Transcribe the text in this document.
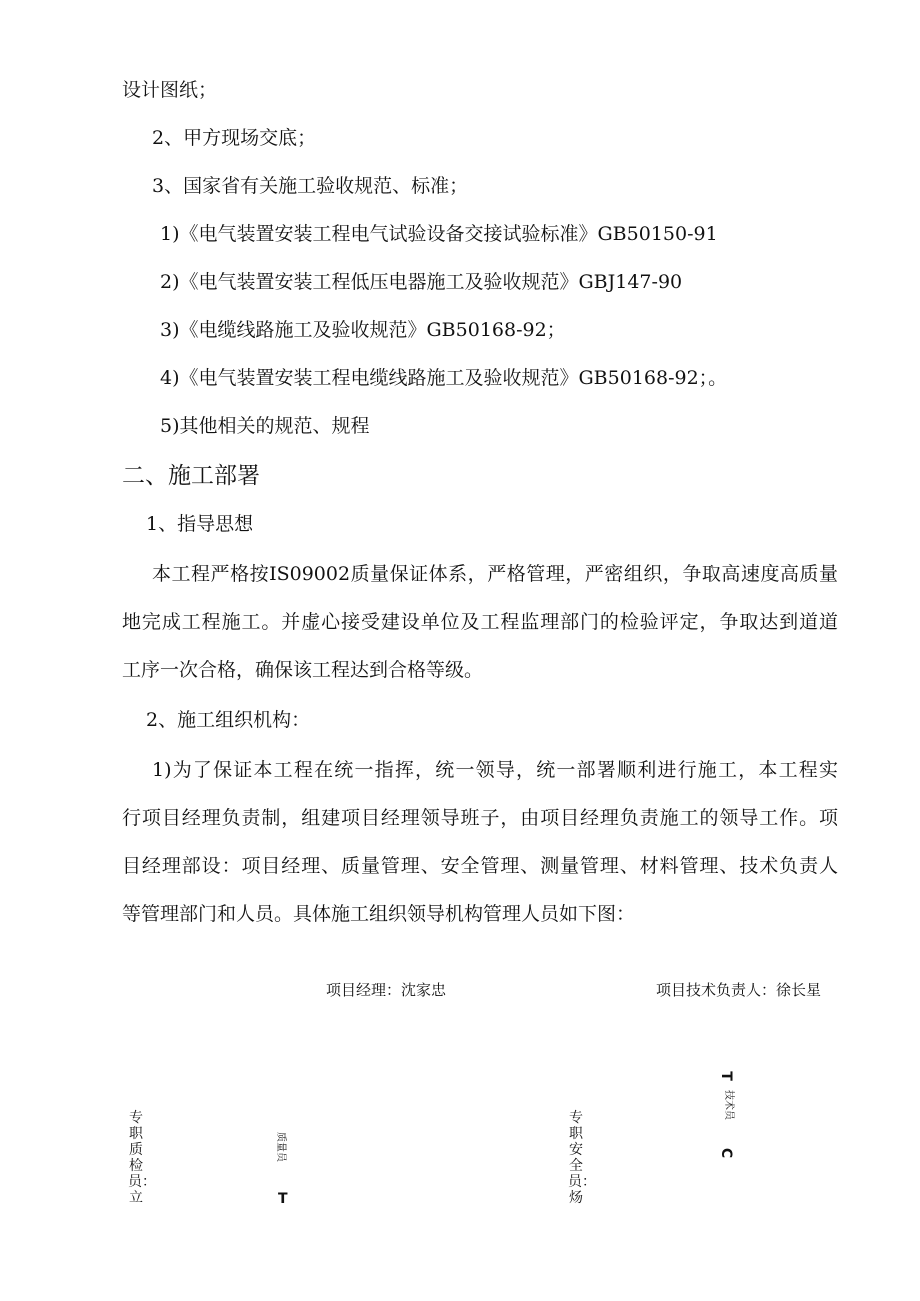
设计图纸；
2、甲方现场交底；
3、国家省有关施工验收规范、标准；
1)《电气装置安装工程电气试验设备交接试验标准》GB50150-91
2)《电气装置安装工程低压电器施工及验收规范》GBJ147-90
3)《电缆线路施工及验收规范》GB50168-92；
4)《电气装置安装工程电缆线路施工及验收规范》GB50168-92；。
5)其他相关的规范、规程
二、施工部署
1、指导思想
本工程严格按IS09002质量保证体系，严格管理，严密组织，争取高速度高质量
地完成工程施工。并虚心接受建设单位及工程监理部门的检验评定，争取达到道道
工序一次合格，确保该工程达到合格等级。
2、施工组织机构：
1)为了保证本工程在统一指挥，统一领导，统一部署顺利进行施工，本工程实
行项目经理负责制，组建项目经理领导班子，由项目经理负责施工的领导工作。项
目经理部设：项目经理、质量管理、安全管理、测量管理、材料管理、技术负责人
等管理部门和人员。具体施工组织领导机构管理人员如下图：
项目经理：沈家忠	项目技术负责人：徐长星
专职质检员：立
质量员
T
专职安全员：炀
T
技术员
C
